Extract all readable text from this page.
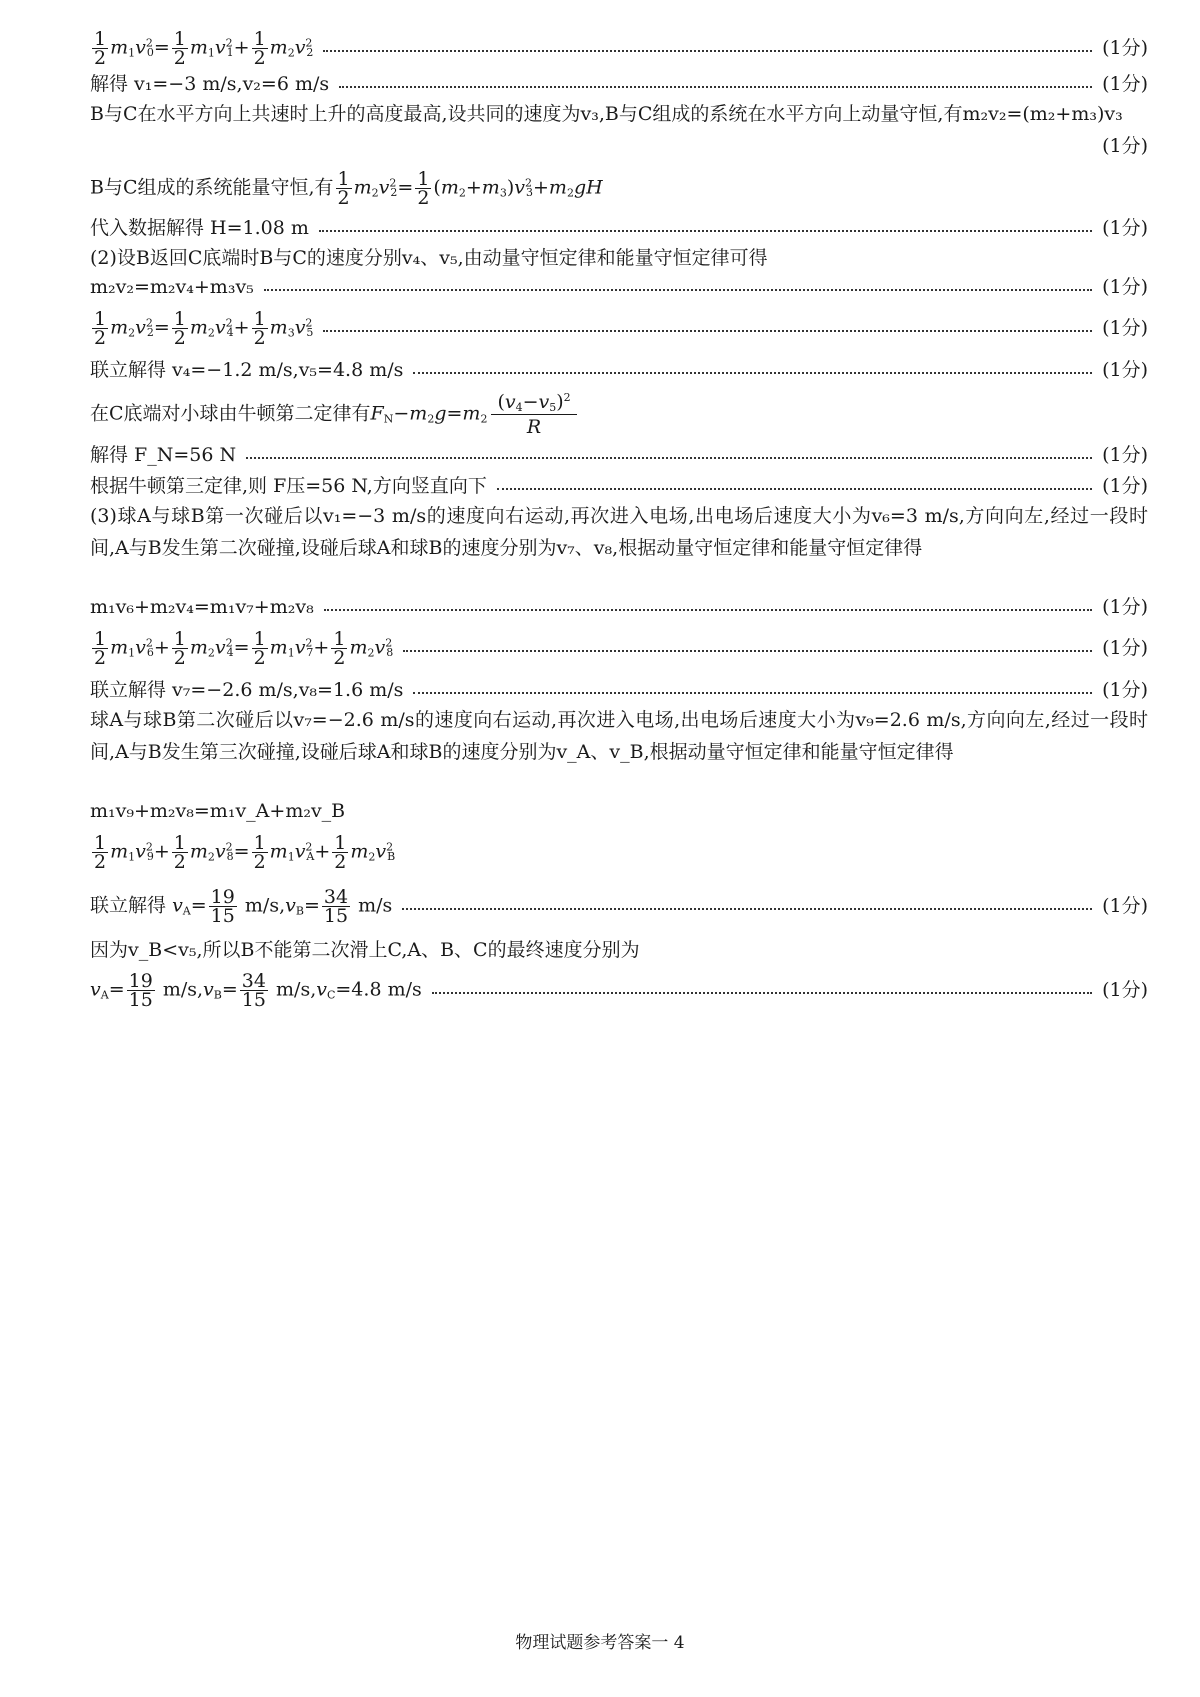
$\frac{1}{2} m_1v^2_0= \frac{1}{2} m_1v^2_1+ \frac{1}{2} m_2v^2_2$	(1分)
解得 v₁=−3 m/s,v₂=6 m/s	(1分)
B与C在水平方向上共速时上升的高度最高,设共同的速度为v₃,B与C组成的系统在水平方向上动量守恒,有m₂v₂=(m₂+m₃)v₃
(1分)
B与C组成的系统能量守恒,有 $\frac{1}{2} m_2v^2_2= \frac{1}{2} (m_2+m_3)v^2_3+m_2gH$
代入数据解得 H=1.08 m	(1分)
(2)设B返回C底端时B与C的速度分别v₄、v₅,由动量守恒定律和能量守恒定律可得
m₂v₂=m₂v₄+m₃v₅	(1分)
$\frac{1}{2} m_2v^2_2= \frac{1}{2} m_2v^2_4+ \frac{1}{2} m_3v^2_5$	(1分)
联立解得 v₄=−1.2 m/s,v₅=4.8 m/s	(1分)
在C底端对小球由牛顿第二定律有$F_N-m_2g=m_2 \frac{(v_4-v_5)^2}{R}$
解得 F_N=56 N	(1分)
根据牛顿第三定律,则 F压=56 N,方向竖直向下	(1分)
(3)球A与球B第一次碰后以v₁=−3 m/s的速度向右运动,再次进入电场,出电场后速度大小为v₆=3 m/s,方向向左,经过一段时间,A与B发生第二次碰撞,设碰后球A和球B的速度分别为v₇、v₈,根据动量守恒定律和能量守恒定律得
m₁v₆+m₂v₄=m₁v₇+m₂v₈	(1分)
$\frac{1}{2} m_1v^2_6+ \frac{1}{2} m_2v^2_4= \frac{1}{2} m_1v^2_7+ \frac{1}{2} m_2v^2_8$	(1分)
联立解得 v₇=−2.6 m/s,v₈=1.6 m/s	(1分)
球A与球B第二次碰后以v₇=−2.6 m/s的速度向右运动,再次进入电场,出电场后速度大小为v₉=2.6 m/s,方向向左,经过一段时间,A与B发生第三次碰撞,设碰后球A和球B的速度分别为v_A、v_B,根据动量守恒定律和能量守恒定律得
m₁v₉+m₂v₈=m₁v_A+m₂v_B
$\frac{1}{2} m_1v^2_9+ \frac{1}{2} m_2v^2_8= \frac{1}{2} m_1v^2_A+ \frac{1}{2} m_2v^2_B$
联立解得 $v_A= \frac{19}{15} m/s,v_B= \frac{34}{15} m/s$	(1分)
因为v_B<v₅,所以B不能第二次滑上C,A、B、C的最终速度分别为
$v_A= \frac{19}{15} m/s,v_B= \frac{34}{15} m/s,v_C=4.8$ m/s	(1分)
物理试题参考答案一 4
